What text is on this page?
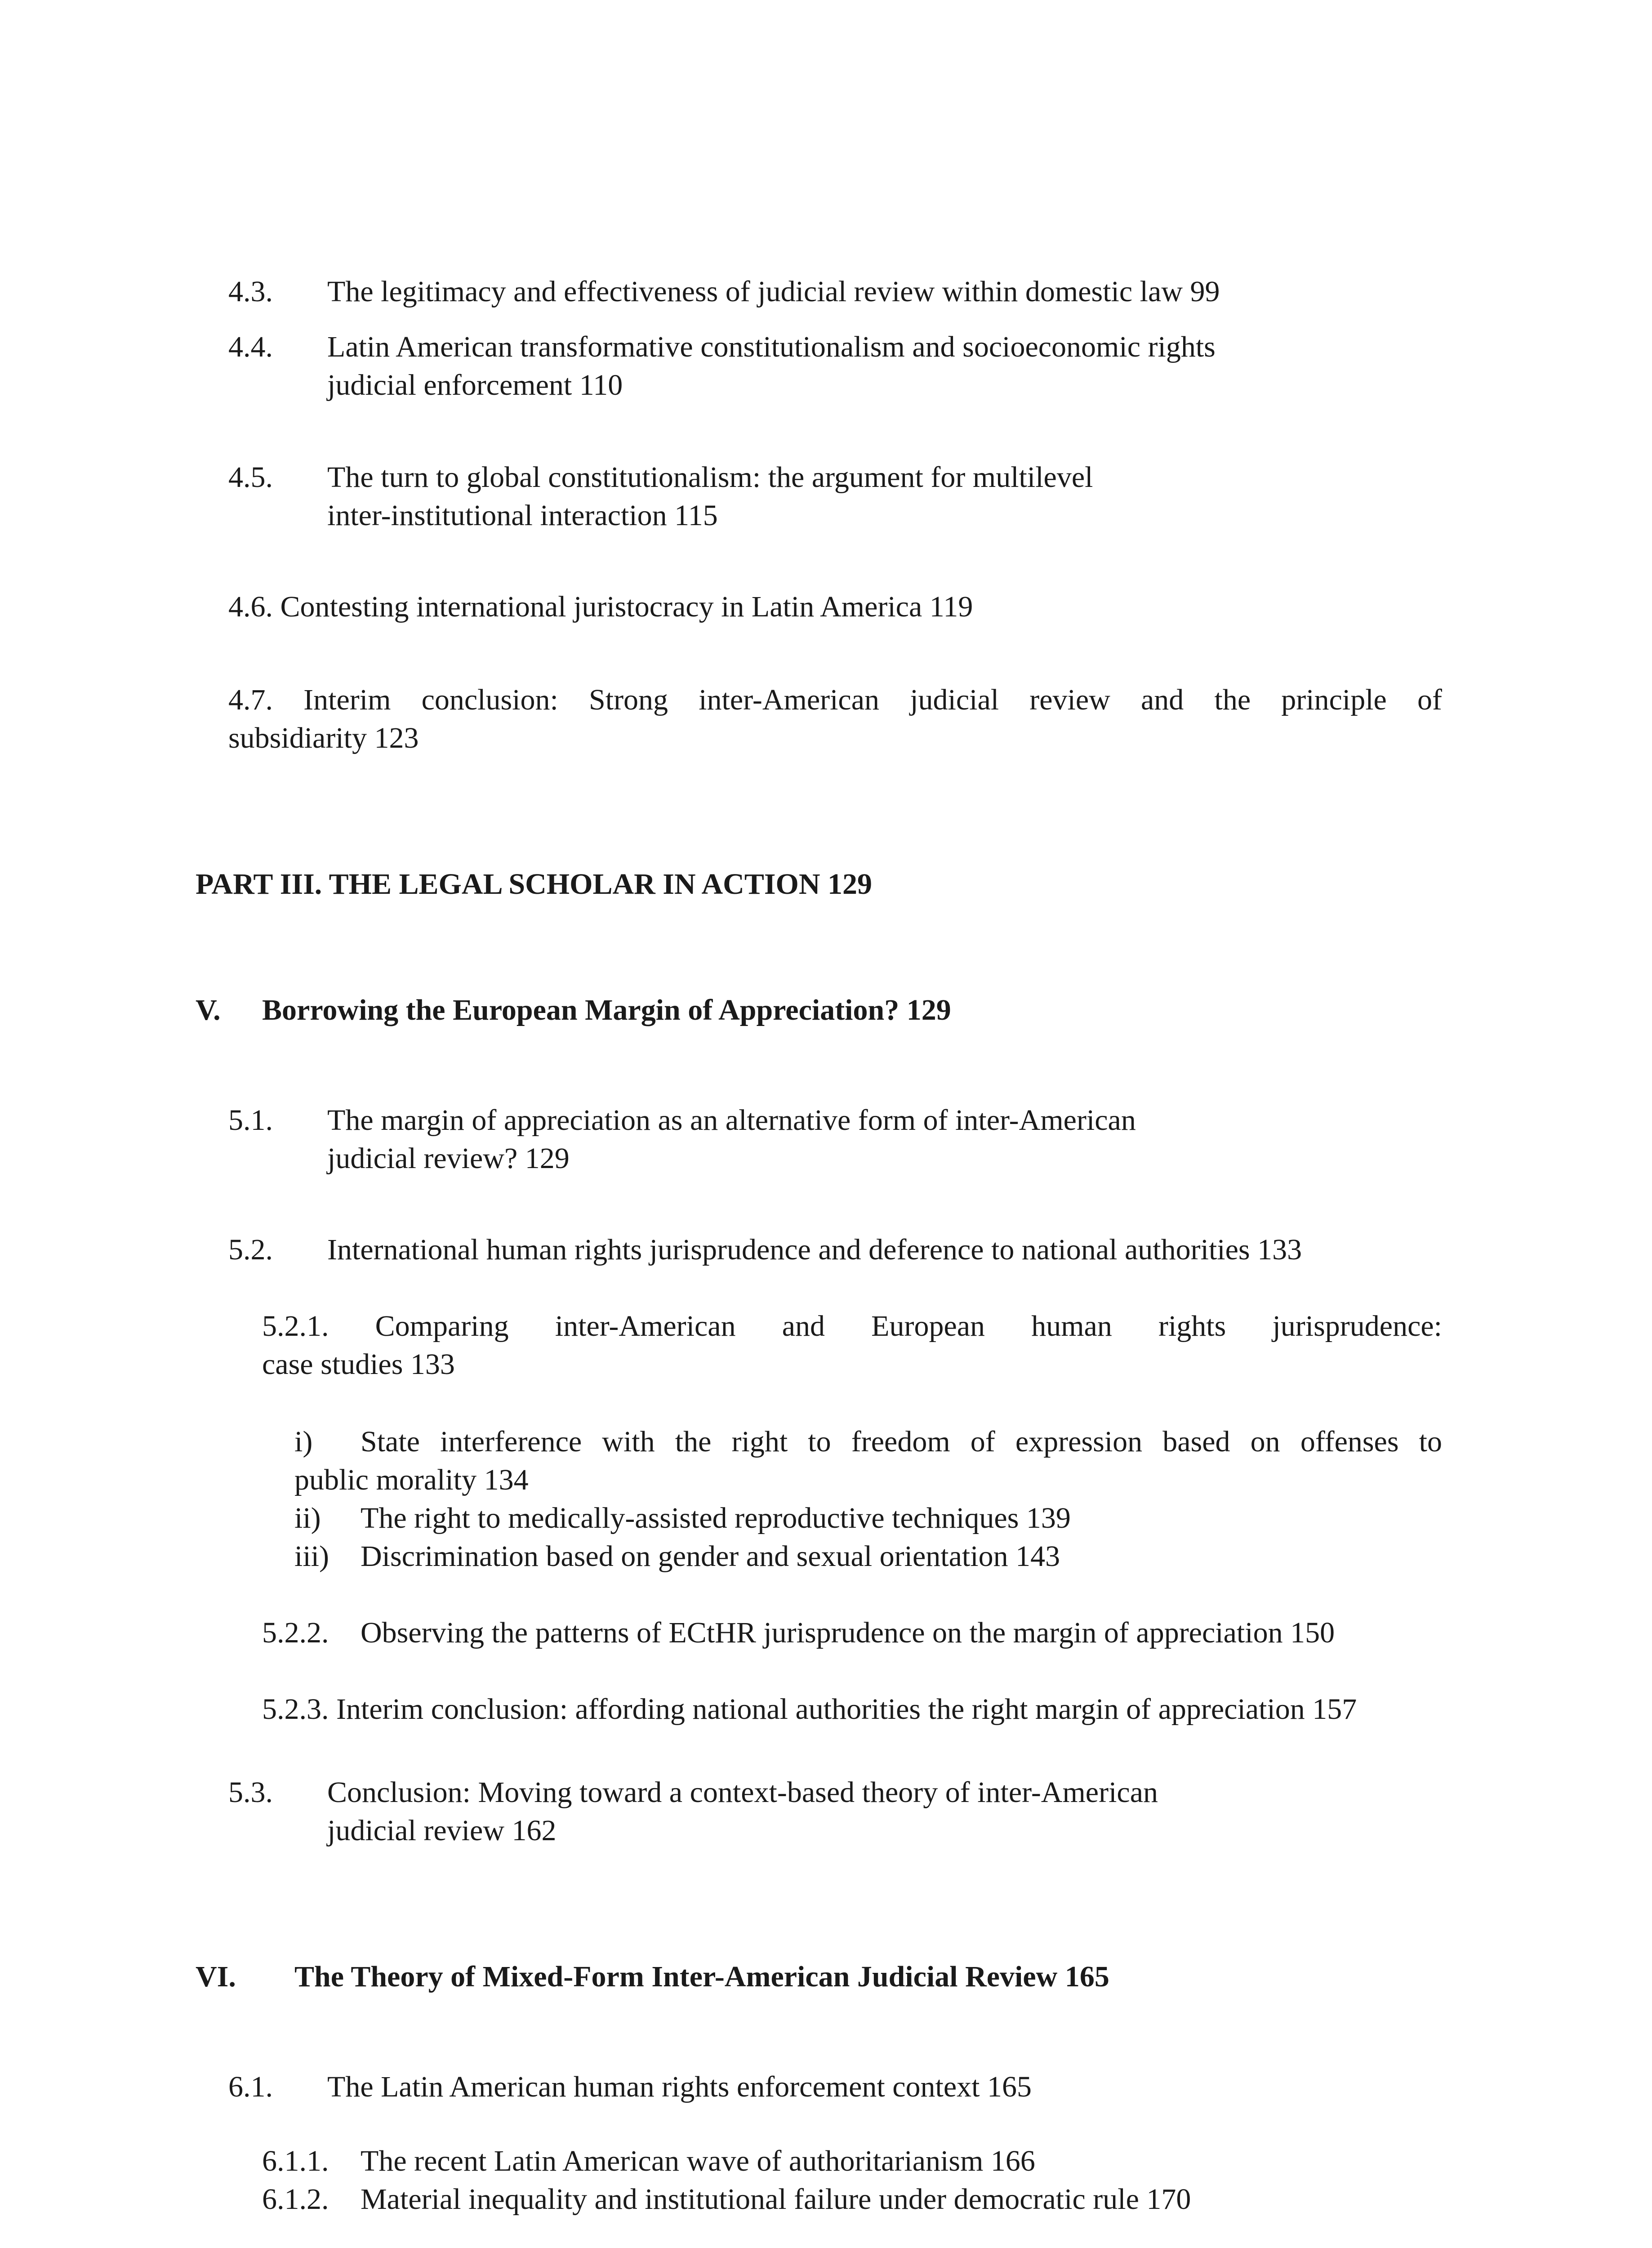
4.3. The legitimacy and effectiveness of judicial review within domestic law 99
4.4. Latin American transformative constitutionalism and socioeconomic rights
judicial enforcement 110
4.5. The turn to global constitutionalism: the argument for multilevel
inter-institutional interaction 115
4.6. Contesting international juristocracy in Latin America 119
4.7. Interim conclusion: Strong inter-American judicial review and the principle of
subsidiarity 123
PART III. THE LEGAL SCHOLAR IN ACTION 129
V. Borrowing the European Margin of Appreciation? 129
5.1. The margin of appreciation as an alternative form of inter-American
judicial review? 129
5.2. International human rights jurisprudence and deference to national authorities 133
5.2.1. Comparing inter-American and European human rights jurisprudence:
case studies 133
i) State interference with the right to freedom of expression based on offenses to
public morality 134
ii) The right to medically-assisted reproductive techniques 139
iii) Discrimination based on gender and sexual orientation 143
5.2.2. Observing the patterns of ECtHR jurisprudence on the margin of appreciation 150
5.2.3. Interim conclusion: affording national authorities the right margin of appreciation 157
5.3. Conclusion: Moving toward a context-based theory of inter-American
judicial review 162
VI. The Theory of Mixed-Form Inter-American Judicial Review 165
6.1. The Latin American human rights enforcement context 165
6.1.1. The recent Latin American wave of authoritarianism 166
6.1.2. Material inequality and institutional failure under democratic rule 170
